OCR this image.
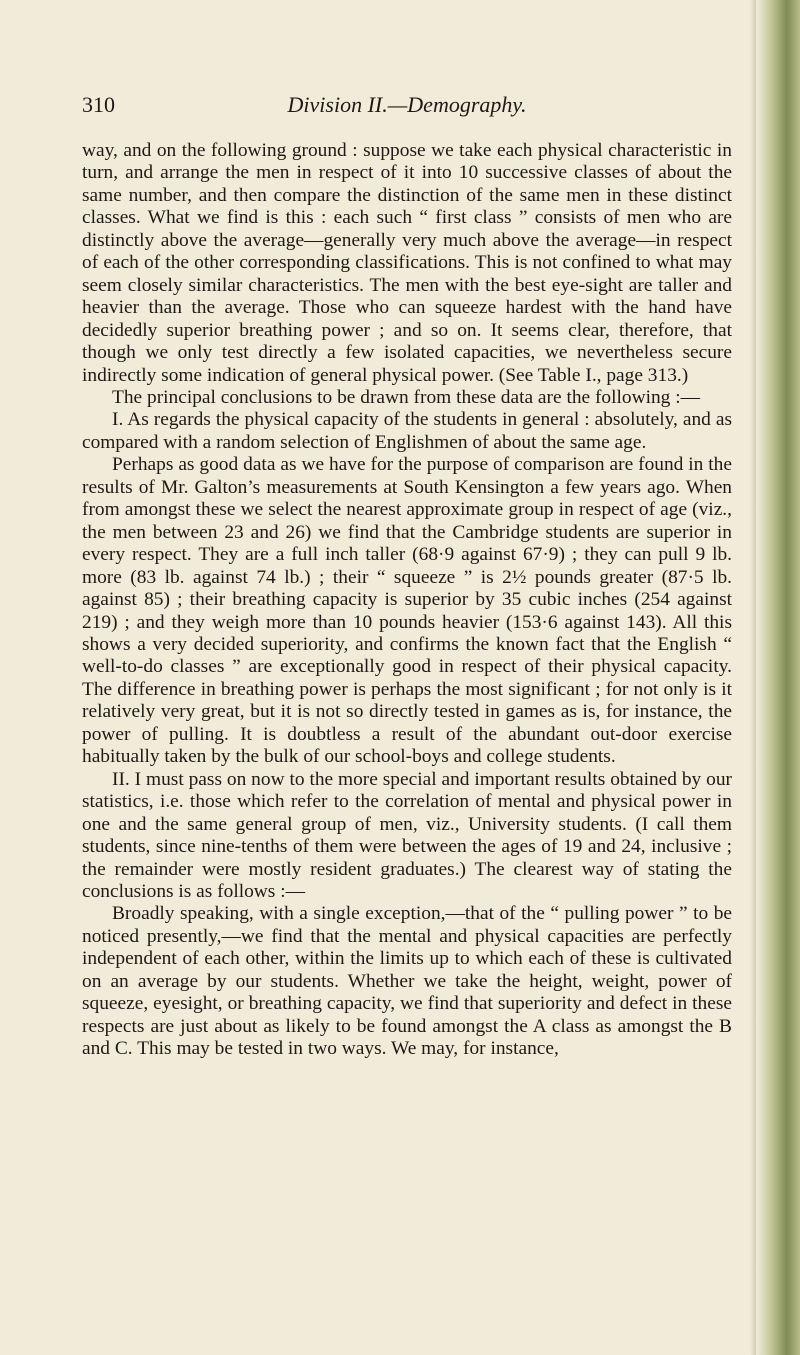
310	Division II.—Demography.

way, and on the following ground : suppose we take each physical characteristic in turn, and arrange the men in respect of it into 10 successive classes of about the same number, and then compare the distinction of the same men in these distinct classes. What we find is this : each such “ first class ” consists of men who are distinctly above the average—generally very much above the average—in respect of each of the other corresponding classifications. This is not confined to what may seem closely similar characteristics. The men with the best eye-sight are taller and heavier than the average. Those who can squeeze hardest with the hand have decidedly superior breathing power ; and so on. It seems clear, therefore, that though we only test directly a few isolated capacities, we nevertheless secure indirectly some indication of general physical power. (See Table I., page 313.)

The principal conclusions to be drawn from these data are the following :—

I. As regards the physical capacity of the students in general : absolutely, and as compared with a random selection of Englishmen of about the same age.

Perhaps as good data as we have for the purpose of comparison are found in the results of Mr. Galton’s measurements at South Kensington a few years ago. When from amongst these we select the nearest approximate group in respect of age (viz., the men between 23 and 26) we find that the Cambridge students are superior in every respect. They are a full inch taller (68·9 against 67·9) ; they can pull 9 lb. more (83 lb. against 74 lb.) ; their “ squeeze ” is 2½ pounds greater (87·5 lb. against 85) ; their breathing capacity is superior by 35 cubic inches (254 against 219) ; and they weigh more than 10 pounds heavier (153·6 against 143). All this shows a very decided superiority, and confirms the known fact that the English “ well-to-do classes ” are exceptionally good in respect of their physical capacity. The difference in breathing power is perhaps the most significant ; for not only is it relatively very great, but it is not so directly tested in games as is, for instance, the power of pulling. It is doubtless a result of the abundant out-door exercise habitually taken by the bulk of our school-boys and college students.

II. I must pass on now to the more special and important results obtained by our statistics, i.e. those which refer to the correlation of mental and physical power in one and the same general group of men, viz., University students. (I call them students, since nine-tenths of them were between the ages of 19 and 24, inclusive ; the remainder were mostly resident graduates.) The clearest way of stating the conclusions is as follows :—

Broadly speaking, with a single exception,—that of the “ pulling power ” to be noticed presently,—we find that the mental and physical capacities are perfectly independent of each other, within the limits up to which each of these is cultivated on an average by our students. Whether we take the height, weight, power of squeeze, eyesight, or breathing capacity, we find that superiority and defect in these respects are just about as likely to be found amongst the A class as amongst the B and C. This may be tested in two ways. We may, for instance,
